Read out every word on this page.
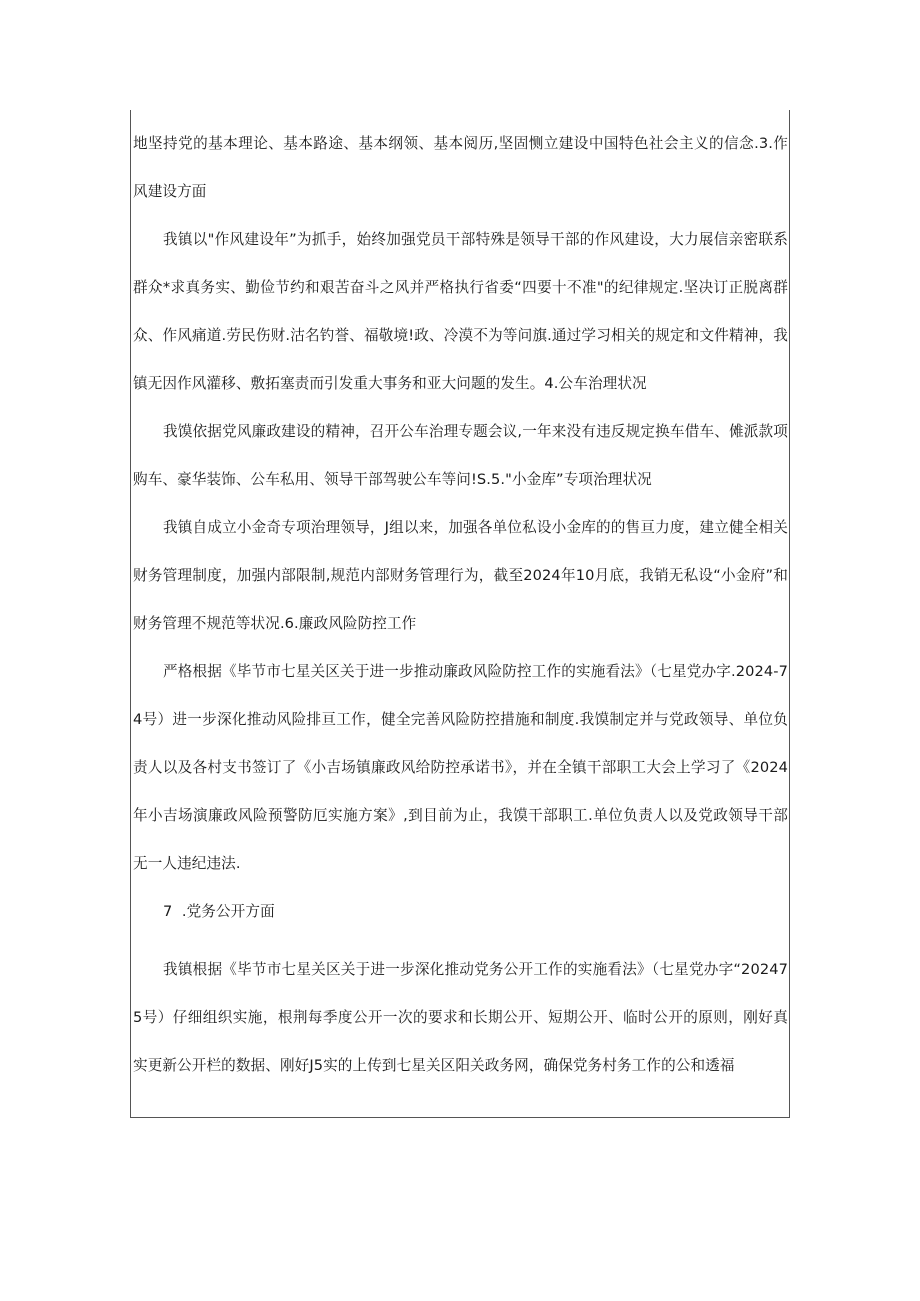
地坚持党的基本理论、基本路途、基本纲领、基本阅历,坚固恻立建设中国特色社会主义的信念.3.作风建设方面

我镇以"作风建设年”为抓手，始终加强党员干部特殊是领导干部的作风建设，大力展信亲密联系群众*求真务实、勤俭节约和艰苦奋斗之风并严格执行省委“四要十不准"的纪律规定.坚决订正脱离群众、作风痛道.劳民伤财.沽名钓誉、福敬境!政、冷漠不为等问旗.通过学习相关的规定和文件精神，我镇无因作风灌移、敷拓塞责而引发重大事务和亚大问题的发生。4.公车治理状况

我馍依据党风廉政建设的精神，召开公车治理专题会议,一年来没有违反规定换车借车、傩派款项购车、豪华装饰、公车私用、领导干部驾驶公车等问!S.5."小金库”专项治理状况

我镇自成立小金奇专项治理领导，J组以来，加强各单位私设小金库的的售亘力度，建立健全相关财务管理制度，加强内部限制,规范内部财务管理行为，截至2024年10月底，我销无私设“小金府”和财务管理不规范等状况.6.廉政风险防控工作

严格根据《毕节市七星关区关于进一步推动廉政风险防控工作的实施看法》（七星党办字.2024-74号）进一步深化推动风险排亘工作，健全完善风险防控措施和制度.我馍制定并与党政领导、单位负责人以及各村支书签订了《小吉场镇廉政风给防控承诺书》，并在全镇干部职工大会上学习了《2024年小吉场演廉政风险预警防厄实施方案》,到目前为止，我馍干部职工.单位负责人以及党政领导干部无一人违纪违法.

7  .党务公开方面

我镇根据《毕节市七星关区关于进一步深化推动党务公开工作的实施看法》（七星党办字“202475号）仔细组织实施，根荆每季度公开一次的要求和长期公开、短期公开、临时公开的原则，刚好真实更新公开栏的数据、刚好J5实的上传到七星关区阳关政务网，确保党务村务工作的公和透福
